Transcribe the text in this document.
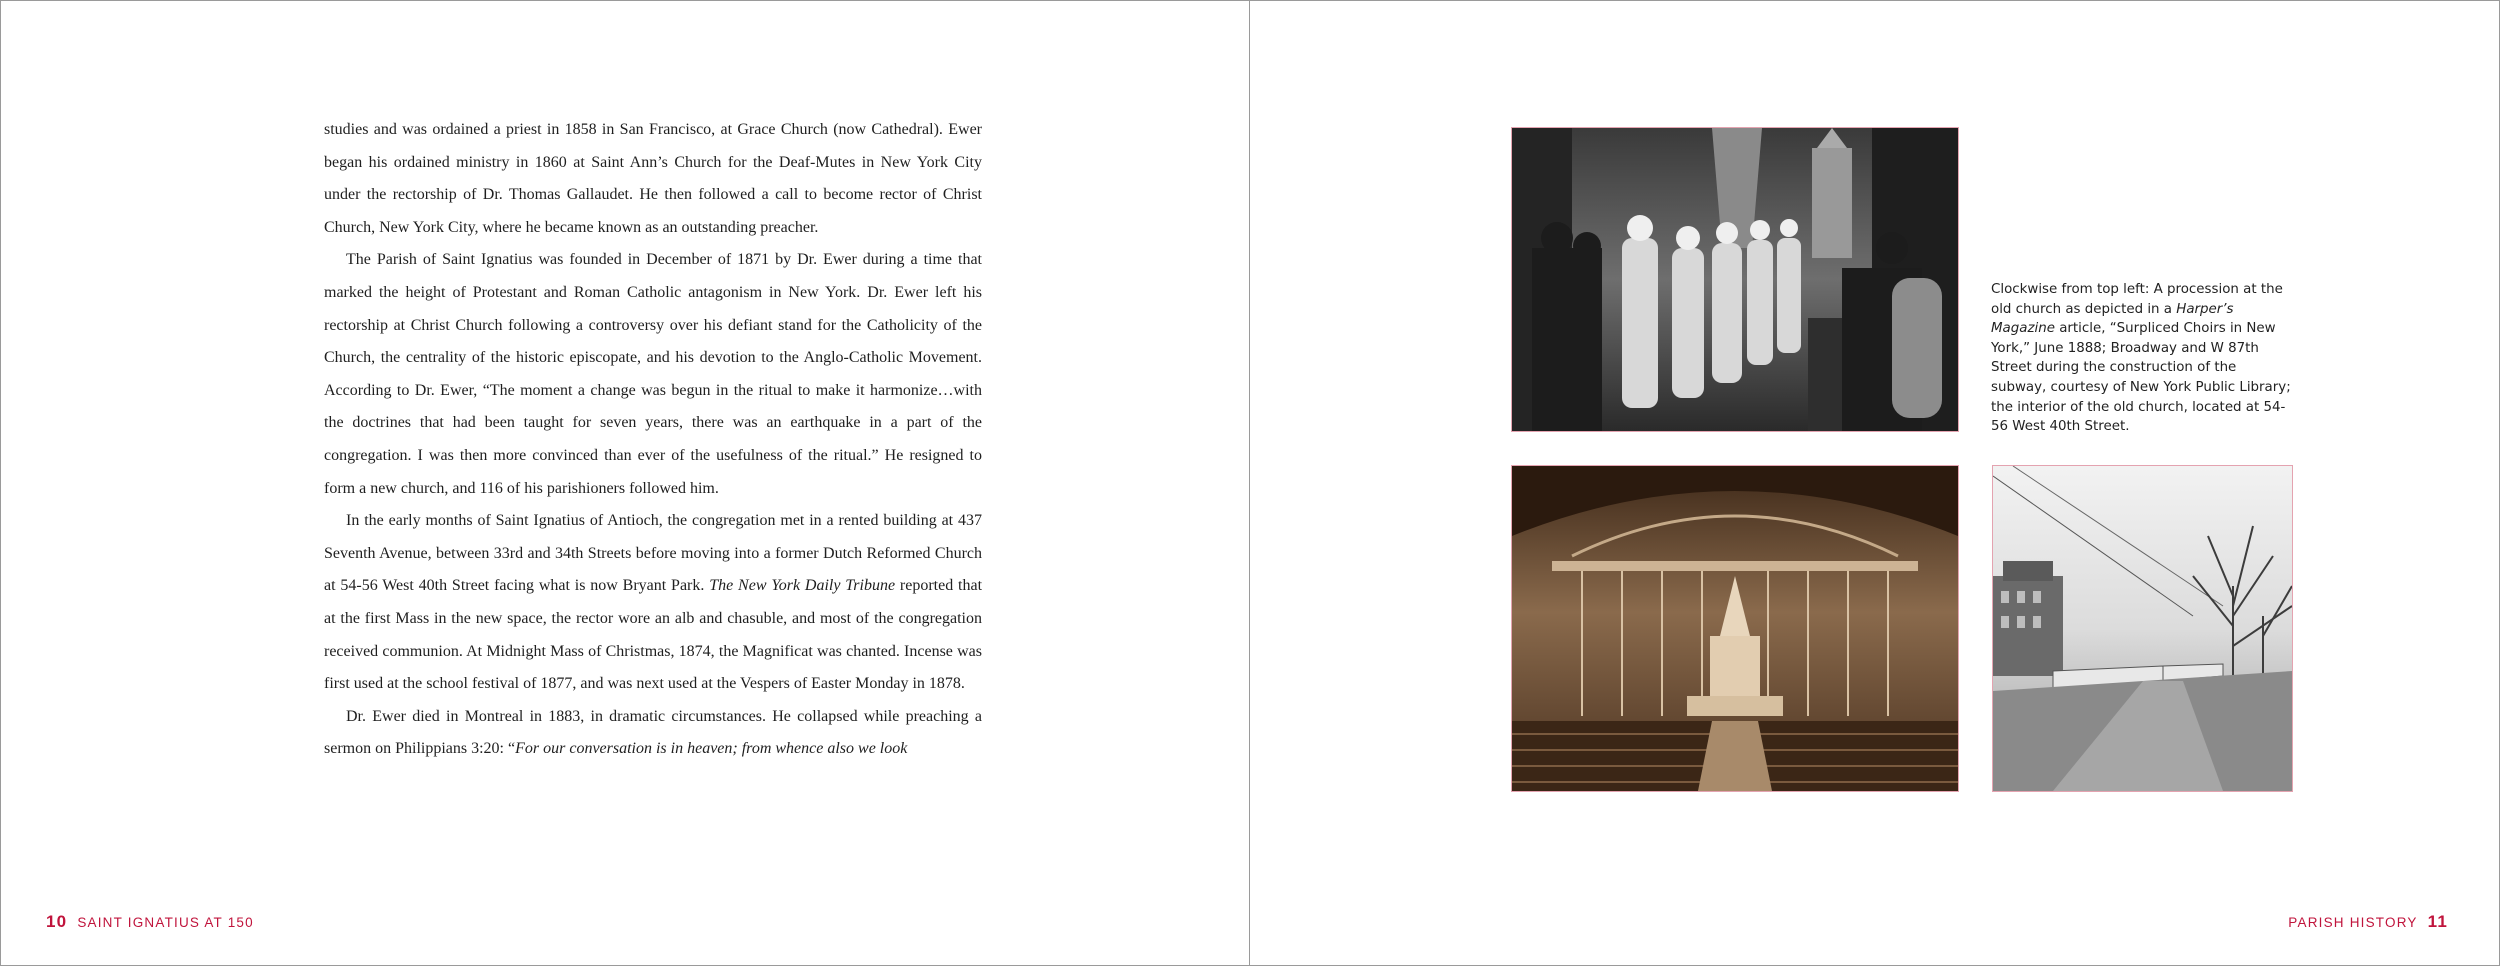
studies and was ordained a priest in 1858 in San Francisco, at Grace Church (now Cathedral). Ewer began his ordained ministry in 1860 at Saint Ann’s Church for the Deaf-Mutes in New York City under the rectorship of Dr. Thomas Gallaudet. He then followed a call to become rector of Christ Church, New York City, where he became known as an outstanding preacher.

The Parish of Saint Ignatius was founded in December of 1871 by Dr. Ewer during a time that marked the height of Protestant and Roman Catholic antagonism in New York. Dr. Ewer left his rectorship at Christ Church following a controversy over his defiant stand for the Catholicity of the Church, the centrality of the historic episcopate, and his devotion to the Anglo-Catholic Movement. According to Dr. Ewer, “The moment a change was begun in the ritual to make it harmonize…with the doctrines that had been taught for seven years, there was an earthquake in a part of the congregation. I was then more convinced than ever of the usefulness of the ritual.” He resigned to form a new church, and 116 of his parishioners followed him.

In the early months of Saint Ignatius of Antioch, the congregation met in a rented building at 437 Seventh Avenue, between 33rd and 34th Streets before moving into a former Dutch Reformed Church at 54-56 West 40th Street facing what is now Bryant Park. The New York Daily Tribune reported that at the first Mass in the new space, the rector wore an alb and chasuble, and most of the congregation received communion. At Midnight Mass of Christmas, 1874, the Magnificat was chanted. Incense was first used at the school festival of 1877, and was next used at the Vespers of Easter Monday in 1878.

Dr. Ewer died in Montreal in 1883, in dramatic circumstances. He collapsed while preaching a sermon on Philippians 3:20: “For our conversation is in heaven; from whence also we look

10 SAINT IGNATIUS AT 150
Clockwise from top left: A procession at the old church as depicted in a Harper’s Magazine article, “Surpliced Choirs in New York,” June 1888; Broadway and W 87th Street during the construction of the subway, courtesy of New York Public Library; the interior of the old church, located at 54-56 West 40th Street.
PARISH HISTORY 11
